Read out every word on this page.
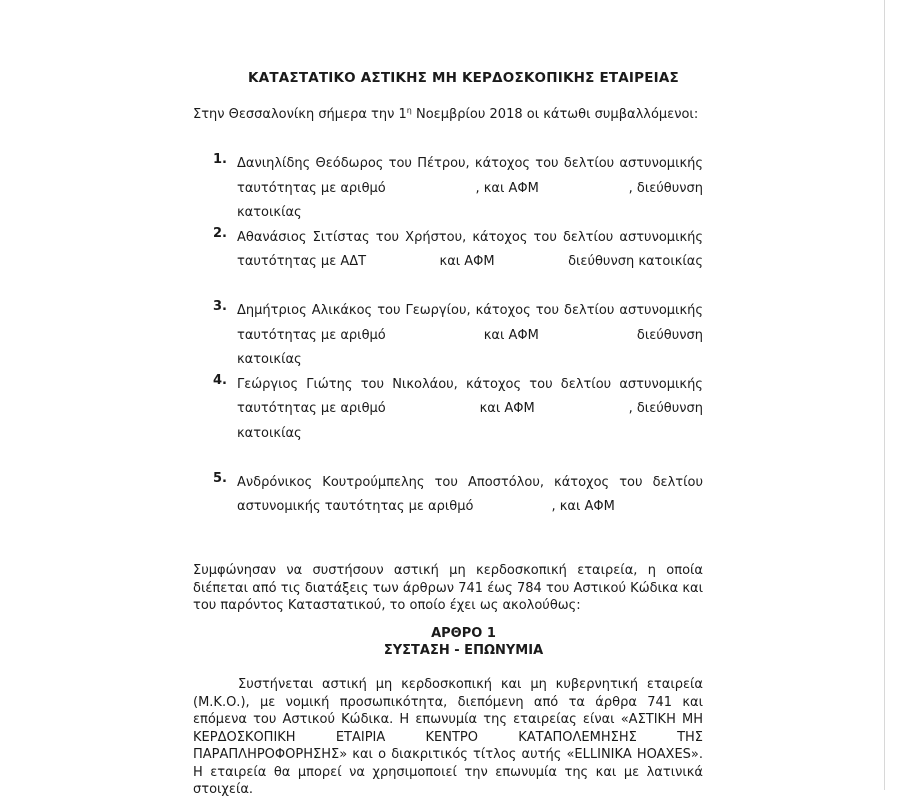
ΚΑΤΑΣΤΑΤΙΚΟ ΑΣΤΙΚΗΣ ΜΗ ΚΕΡΔΟΣΚΟΠΙΚΗΣ ΕΤΑΙΡΕΙΑΣ
Στην Θεσσαλονίκη σήμερα την $1^\eta$ Νοεμβρίου 2018 οι κάτωθι συμβαλλόμενοι:
1. Δανιηλίδης Θεόδωρος του Πέτρου, κάτοχος του δελτίου αστυνομικής
ταυτότητας με αριθμό	, και ΑΦΜ	, διεύθυνση
κατοικίας
2. Αθανάσιος Σιτίστας του Χρήστου, κάτοχος του δελτίου αστυνομικής
ταυτότητας με ΑΔΤ	και ΑΦΜ	διεύθυνση κατοικίας
3. Δημήτριος Αλικάκος του Γεωργίου, κάτοχος του δελτίου αστυνομικής
ταυτότητας με αριθμό	και ΑΦΜ	διεύθυνση
κατοικίας
4. Γεώργιος Γιώτης του Νικολάου, κάτοχος του δελτίου αστυνομικής
ταυτότητας με αριθμό	και ΑΦΜ	, διεύθυνση
κατοικίας
5. Ανδρόνικος Κουτρούμπελης του Αποστόλου, κάτοχος του δελτίου
αστυνομικής ταυτότητας με αριθμό	, και ΑΦΜ

Συμφώνησαν να συστήσουν αστική μη κερδοσκοπική εταιρεία, η οποία διέπεται από τις διατάξεις των άρθρων 741 έως 784 του Αστικού Κώδικα και του παρόντος Καταστατικού, το οποίο έχει ως ακολούθως:

ΑΡΘΡΟ 1
ΣΥΣΤΑΣΗ - ΕΠΩΝΥΜΙΑ

Συστήνεται αστική μη κερδοσκοπική και μη κυβερνητική εταιρεία (Μ.Κ.Ο.), με νομική προσωπικότητα, διεπόμενη από τα άρθρα 741 και επόμενα του Αστικού Κώδικα. Η επωνυμία της εταιρείας είναι «ΑΣΤΙΚΗ ΜΗ ΚΕΡΔΟΣΚΟΠΙΚΗ ΕΤΑΙΡΙΑ ΚΕΝΤΡΟ ΚΑΤΑΠΟΛΕΜΗΣΗΣ ΤΗΣ ΠΑΡΑΠΛΗΡΟΦΟΡΗΣΗΣ» και ο διακριτικός τίτλος αυτής «ELLINIKA HOAXES». Η εταιρεία θα μπορεί να χρησιμοποιεί την επωνυμία της και με λατινικά στοιχεία.
